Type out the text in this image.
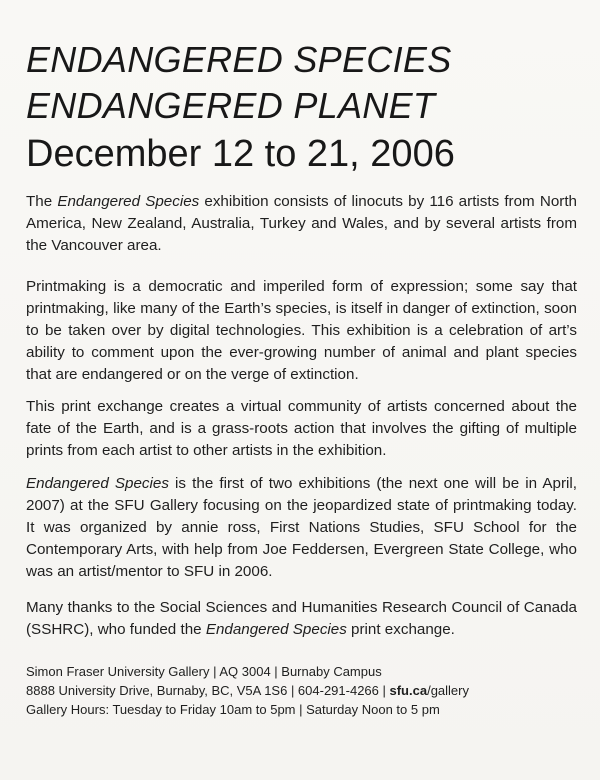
ENDANGERED SPECIES
ENDANGERED PLANET
December 12 to 21, 2006
The Endangered Species exhibition consists of linocuts by 116 artists from North America, New Zealand, Australia, Turkey and Wales, and by several artists from the Vancouver area.
Printmaking is a democratic and imperiled form of expression; some say that printmaking, like many of the Earth’s species, is itself in danger of extinction, soon to be taken over by digital technologies. This exhibition is a celebration of art’s ability to comment upon the ever-growing number of animal and plant species that are endangered or on the verge of extinction.
This print exchange creates a virtual community of artists concerned about the fate of the Earth, and is a grass-roots action that involves the gifting of multiple prints from each artist to other artists in the exhibition.
Endangered Species is the first of two exhibitions (the next one will be in April, 2007) at the SFU Gallery focusing on the jeopardized state of printmaking today. It was organized by annie ross, First Nations Studies, SFU School for the Contemporary Arts, with help from Joe Feddersen, Evergreen State College, who was an artist/mentor to SFU in 2006.
Many thanks to the Social Sciences and Humanities Research Council of Canada (SSHRC), who funded the Endangered Species print exchange.
Simon Fraser University Gallery | AQ 3004 | Burnaby Campus
8888 University Drive, Burnaby, BC, V5A 1S6 | 604-291-4266 | sfu.ca/gallery
Gallery Hours: Tuesday to Friday 10am to 5pm | Saturday Noon to 5 pm
